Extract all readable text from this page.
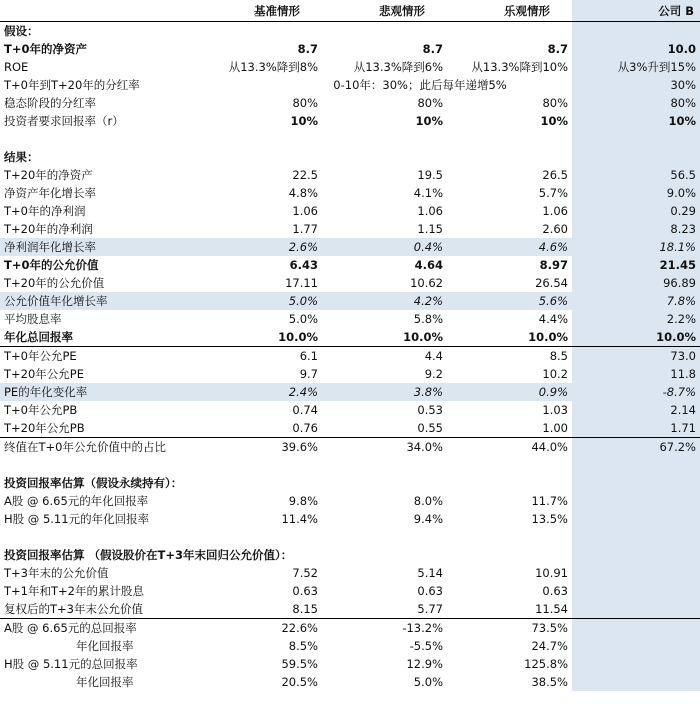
	基准情形	悲观情形	乐观情形	公司 B
假设：				
T+0年的净资产	8.7	8.7	8.7	10.0
ROE	从13.3%降到8%	从13.3%降到6%	从13.3%降到10%	从3%升到15%
T+0年到T+20年的分红率	0-10年：30%；此后每年递增5%			30%
稳态阶段的分红率	80%	80%	80%	80%
投资者要求回报率（r）	10%	10%	10%	10%

结果：				
T+20年的净资产	22.5	19.5	26.5	56.5
净资产年化增长率	4.8%	4.1%	5.7%	9.0%
T+0年的净利润	1.06	1.06	1.06	0.29
T+20年的净利润	1.77	1.15	2.60	8.23
净利润年化增长率	2.6%	0.4%	4.6%	18.1%
T+0年的公允价值	6.43	4.64	8.97	21.45
T+20年的公允价值	17.11	10.62	26.54	96.89
公允价值年化增长率	5.0%	4.2%	5.6%	7.8%
平均股息率	5.0%	5.8%	4.4%	2.2%
年化总回报率	10.0%	10.0%	10.0%	10.0%
T+0年公允PE	6.1	4.4	8.5	73.0
T+20年公允PE	9.7	9.2	10.2	11.8
PE的年化变化率	2.4%	3.8%	0.9%	-8.7%
T+0年公允PB	0.74	0.53	1.03	2.14
T+20年公允PB	0.76	0.55	1.00	1.71
终值在T+0年公允价值中的占比	39.6%	34.0%	44.0%	67.2%

投资回报率估算（假设永续持有）：				
A股 @ 6.65元的年化回报率	9.8%	8.0%	11.7%	
H股 @ 5.11元的年化回报率	11.4%	9.4%	13.5%	

投资回报率估算 （假设股价在T+3年末回归公允价值）：				
T+3年末的公允价值	7.52	5.14	10.91	
T+1年和T+2年的累计股息	0.63	0.63	0.63	
复权后的T+3年末公允价值	8.15	5.77	11.54	
A股 @ 6.65元的总回报率	22.6%	-13.2%	73.5%	
年化回报率	8.5%	-5.5%	24.7%	
H股 @ 5.11元的总回报率	59.5%	12.9%	125.8%	
年化回报率	20.5%	5.0%	38.5%	
